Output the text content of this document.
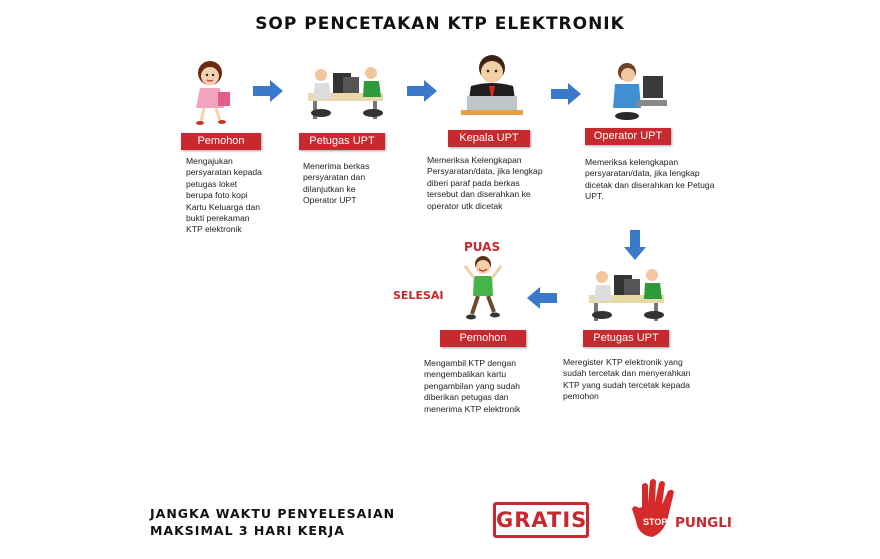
SOP PENCETAKAN KTP ELEKTRONIK
Pemohon
Mengajukan
persyaratan kepada
petugas loket
berupa foto kopi
Kartu Keluarga dan
bukti perekaman
KTP elektronik
Petugas UPT
Menerima berkas
persyaratan dan
dilanjutkan ke
Operator UPT
Kepala UPT
Memeriksa Kelengkapan
Persyaratan/data, jika lengkap
diberi paraf pada berkas
tersebut dan diserahkan ke
operator utk dicetak
Operator UPT
Memeriksa kelengkapan
persyaratan/data, jika lengkap
dicetak dan diserahkan ke Petuga
UPT.
Petugas UPT
Meregister KTP elektronik yang
sudah tercetak dan menyerahkan
KTP yang sudah tercetak kepada
pemohon
PUAS
SELESAI
Pemohon
Mengambil KTP dengan
mengembalikan kartu
pengambilan yang sudah
diberikan petugas dan
menerima KTP elektronik
JANGKA WAKTU PENYELESAIAN
MAKSIMAL 3 HARI KERJA	GRATIS	STOP PUNGLI
